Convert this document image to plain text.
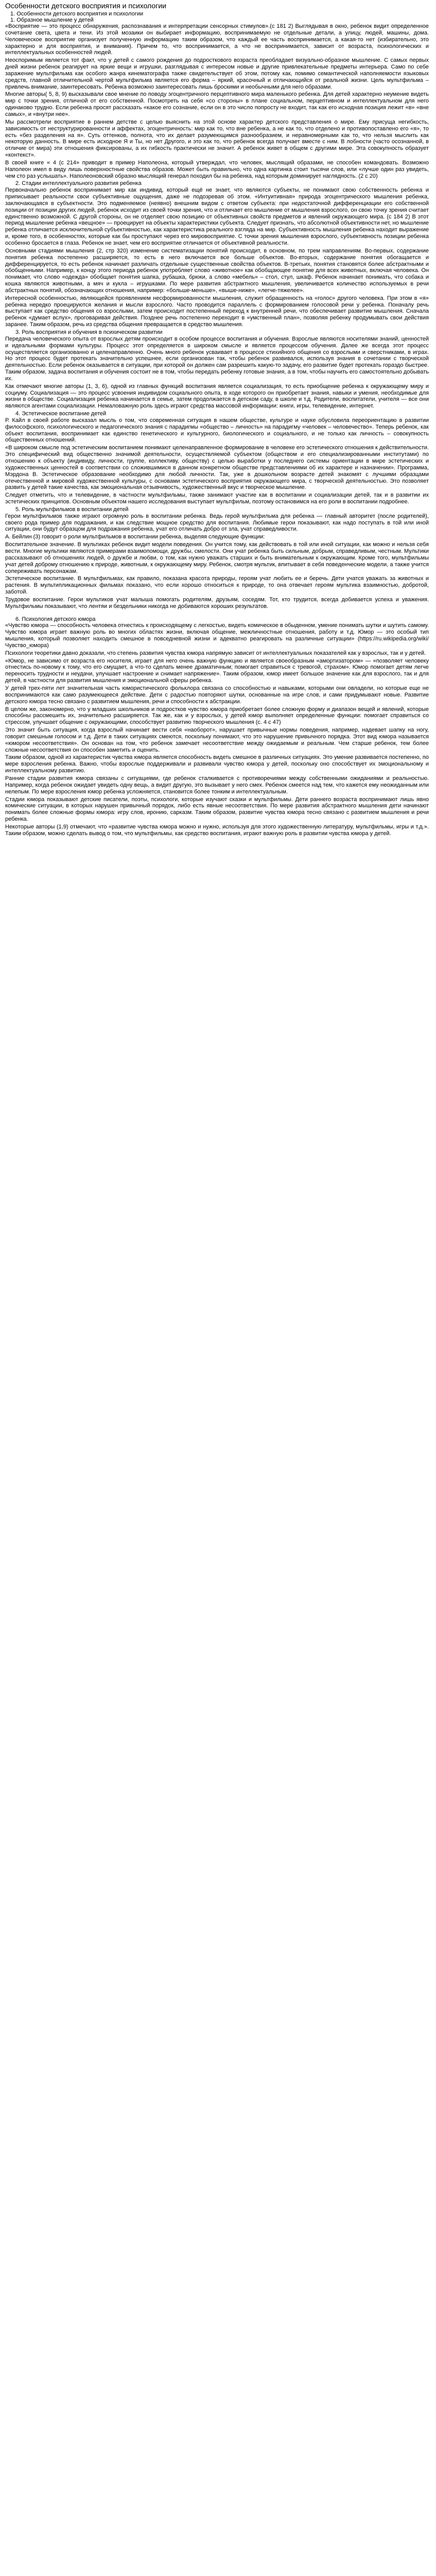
Особенности детского восприятия и психологии
1. Особенности детского восприятия и психологии
1. Образное мышление у детей

«Восприятие — это процесс обнаружения, распознавания и интерпретации сенсорных стимулов».(с 181 2) Выглядывая в окно, ребенок видит определенное сочетание света, цвета и тени. Из этой мозаики он выбирает информацию, воспринимаемую не отдельные детали, а улицу, людей, машины, дома. Человеческое восприятие организует полученную информацию таким образом, что каждый ее часть воспринимается, а какая-то нет (избирательно, это характерно и для восприятия, и внимания). Причем то, что воспринимается, а что не воспринимается, зависит от возраста, психологических и интеллектуальных особенностей людей.

Неоспоримым является тот факт, что у детей с самого рождения до подросткового возраста преобладает визуально-образное мышление. С самых первых дней жизни ребенок реагирует на яркие вещи и игрушки, разглядывая с интересом новые и другие привлекательные предметы интерьера. Само по себе заражение мультфильма как особого жанра кинематографа также свидетельствует об этом, потому как, помимо семантической наполняемости языковых средств, главной отличительной чертой мультфильма является его форма – яркий, красочный и отличающийся от реальной жизни. Цель мультфильма – привлечь внимание, заинтересовать. Ребенка возможно заинтересовать лишь броскими и необычными для него образами.

Многие авторы( 5, 8, 9) высказывали свое мнение по поводу эгоцентричного перцептивного мира маленького ребенка. Для детей характерно неумение видеть мир с точки зрения, отличной от его собственной. Посмотреть на себя «со стороны» в плане социальном, перцептивном и интеллектуальном для него одинаково трудно. Если ребенка просят рассказать «какое его сознание, если он в это число попросту не входит, так как его исходная позиция лежит «в» «вне самых», и «внутри нее».

Мы рассмотрели восприятие в раннем детстве с целью выяснить на этой основе характер детского представления о мире. Ему присуща негибкость, зависимость от неструктурированности и аффектах, эгоцентричность: мир как то, что вне ребенка, а не как то, что отделено и противопоставлено его «я», то есть «без разделения на я». Суть оттенков, полнота, что их делает разумеющимся разнообразием, и неравномерными как то, что нельзя мыслить как некоторую данность. В мире есть исходное Я и Ты, но нет Другого, и это как то, что ребенок всегда получает вместе с ним. В лобности (часто осознанной, в отличие от мира) эти отношения фиксированы, а их гибкость практически не значит. А ребенок живет в общем с другими мире. Эта совокупность образует «контекст».

В своей книге « 4 (с 214» приводит в пример Наполеона, который утверждал, что человек, мыслящий образами, не способен командовать. Возможно Наполеон имел в виду лишь поверхностные свойства образов. Может быть правильно, что одна картинка стоит тысячи слов, или «лучше один раз увидеть, чем сто раз услышать». Наполеоновский образно мыслящий генерал походил бы на ребенка, над которым доминирует наглядность. (2 с 20)

2. Стадии интеллектуального развития ребенка

Первоначально ребенок воспринимает мир как индивид, который ещё не знает, что являются субъекты, не понимают свою собственность ребенка и приписывает реальности свои субъективные ощущения, даже не подозревая об этом. «Интуитивная» природа эгоцентрического мышления ребенка, заключающаяся в субъектности. Это подменяемое (неявно) внешним видом с ответом субъекта: при недостаточной дифференциации его собственной позиции от позиции других людей, ребенок исходит из своей точки зрения, что и отличает его мышление от мышления взрослого, он свою точку зрения считает единственно возможной. С другой стороны, он не отделяет свою позицию от объективных свойств предметов и явлений окружающего мира. (с 184 2) В этот период мышление ребенка «вещное» — проецирует на объекты характеристики субъекта. Следует признать, что абсолютной объективности нет, но мышление ребенка отличается исключительной субъективностью, как характеристика реального взгляда на мир. Субъективность мышления ребенка находит выражение и, кроме того, в особенностях, которые как бы проступают через его мировосприятие. С точки зрения мышления взрослого, субъективность позиции ребенка особенно бросается в глаза. Ребенок не знает, чем его восприятие отличается от объективной реальности.

Основными стадиями мышления (2, стр 320) изменение систематизации понятий происходит, в основном, по трем направлениям. Во-первых, содержание понятия ребенка постепенно расширяется, то есть в него включается все больше объектов. Во-вторых, содержание понятия обогащается и дифференцируется, то есть ребенок начинает различать отдельные существенные свойства объектов. В-третьих, понятия становятся более абстрактными и обобщенными. Например, к концу этого периода ребенок употребляет слово «животное» как обобщающее понятие для всех животных, включая человека. Он понимает, что слово «одежда» обобщает понятия шапка, рубашка, брюки, а слово «мебель» – стол, стул, шкаф. Ребенок начинает понимать, что собака и кошка являются животными, а мяч и кукла – игрушками. По мере развития абстрактного мышления, увеличивается количество используемых в речи абстрактных понятий, обозначающих отношения, например: «больше-меньше», «выше-ниже», «легче-тяжелее».

Интересной особенностью, являющейся проявлением несформированности мышления, служит обращенность на «голос» другого человека. При этом в «я» ребенка нередко проецируются желания и мысли взрослого. Часто проводится параллель с формированием голосовой речи у ребенка. Поначалу речь выступает как средство общения со взрослыми, затем происходит постепенный переход к внутренней речи, что обеспечивает развитие мышления. Сначала ребенок «думает вслух», проговаривая действия. Позднее речь постепенно переходит в «умственный план», позволяя ребенку продумывать свои действия заранее. Таким образом, речь из средства общения превращается в средство мышления.

3. Роль восприятия и обучения в психическом развитии

Передача человеческого опыта от взрослых детям происходит в особом процессе воспитания и обучения. Взрослые являются носителями знаний, ценностей и идеальными формами культуры. Процесс этот определяется в широком смысле и является процессом обучения. Далее же всегда этот процесс осуществляется организованно и целенаправленно. Очень много ребенок усваивает в процессе стихийного общения со взрослыми и сверстниками, в играх. Но этот процесс будет протекать значительно успешнее, если организован так, чтобы ребенок развивался, используя знания в сочетании с творческой деятельностью. Если ребенок оказывается в ситуации, при которой он должен сам разрешить какую-то задачу, его развитие будет протекать гораздо быстрее. Таким образом, задача воспитания и обучения состоит не в том, чтобы передать ребенку готовые знания, а в том, чтобы научить его самостоятельно добывать их.

Как отмечают многие авторы (1, 3, 6), одной из главных функций воспитания является социализация, то есть приобщение ребенка к окружающему миру и социуму. Социализация — это процесс усвоения индивидом социального опыта, в ходе которого он приобретает знания, навыки и умения, необходимые для жизни в обществе. Социализация ребенка начинается в семье, затем продолжается в детском саду, в школе и т.д. Родители, воспитатели, учителя — все они являются агентами социализации. Немаловажную роль здесь играют средства массовой информации: книги, игры, телевидение, интернет.

4. Эстетическое воспитание детей

Р. Кайл в своей работе высказал мысль о том, что современная ситуация в нашем обществе, культуре и науке обусловила переориентацию в развитии философского, психологического и педагогического знания с парадигмы «общество – личность» на парадигму «человек – человечество». Теперь ребенок, как объект воспитания, воспринимает как единство генетического и культурного, биологического и социального, и не только как личность – совокупность общественных отношений.

«В широком смысле под эстетическим воспитанием понимают целенаправленное формирование в человеке его эстетического отношения к действительности. Это специфический вид общественно значимой деятельности, осуществляемой субъектом (обществом и его специализированными институтами) по отношению к объекту (индивиду, личности, группе, коллективу, обществу) с целью выработки у последнего системы ориентации в мире эстетических и художественных ценностей в соответствии со сложившимися в данном конкретном обществе представлениями об их характере и назначении». Программа, Мэрдона В. Эстетическое образование необходимо для любой личности. Так, уже в дошкольном возрасте детей знакомят с лучшими образцами отечественной и мировой художественной культуры, с основами эстетического восприятия окружающего мира, с творческой деятельностью. Это позволяет развить у детей такие качества, как эмоциональная отзывчивость, художественный вкус и творческое мышление.

Следует отметить, что и телевидение, в частности мультфильмы, также занимают участие как в воспитании и социализации детей, так и в развитии их эстетических принципов. Основным объектом нашего исследования выступает мультфильм, поэтому остановимся на его роли в воспитании подробнее.

5. Роль мультфильмов в воспитании детей

Герои мультфильмов также играют огромную роль в воспитании ребенка. Ведь герой мультфильма для ребенка — главный авторитет (после родителей), своего рода пример для подражания, и как следствие мощное средство для воспитания. Любимые герои показывают, как надо поступать в той или иной ситуации, они будут образцом для подражания ребенка, учат его отличать добро от зла, учат справедливости.

А. Бейлин (3) говорит о роли мультфильмов в воспитании ребенка, выделяя следующие функции:

Воспитательное значение. В мультиках ребенок видит модели поведения. Он учится тому, как действовать в той или иной ситуации, как можно и нельзя себя вести. Многие мультики являются примерами взаимопомощи, дружбы, смелости. Они учат ребенка быть сильным, добрым, справедливым, честным. Мультики рассказывают об отношениях людей, о дружбе и любви, о том, как нужно уважать старших и быть внимательным к окружающим. Кроме того, мультфильмы учат детей доброму отношению к природе, животным, к окружающему миру. Ребенок, смотря мультик, впитывает в себя поведенческие модели, а также учится сопереживать персонажам.

Эстетическое воспитание. В мультфильмах, как правило, показана красота природы, героям учат любить ее и беречь. Дети учатся уважать за животных и растения. В мультипликационных фильмах показано, что если хорошо относиться к природе, то она отвечает героям мультика взаимностью, добротой, заботой.

Трудовое воспитание. Герои мультиков учат малыша помогать родителям, друзьям, соседям. Тот, кто трудится, всегда добивается успеха и уважения. Мультфильмы показывают, что лентяи и бездельники никогда не добиваются хороших результатов.

6. Психология детского юмора

«Чувство юмора — способность человека отнестись к происходящему с легкостью, видеть комическое в обыденном, умение понимать шутки и шутить самому. Чувство юмора играет важную роль во многих областях жизни, включая общение, межличностные отношения, работу и т.д. Юмор — это особый тип мышления, который позволяет находить смешное в повседневной жизни и адекватно реагировать на различные ситуации» (https://ru.wikipedia.org/wiki/Чувство_юмора)

Психологи теоретики давно доказали, что степень развития чувства юмора напрямую зависит от интеллектуальных показателей как у взрослых, так и у детей.

«Юмор, не зависимо от возраста его носителя, играет для него очень важную функцию и является своеобразным «амортизатором» — «позволяет человеку отнестись по-новому к тому, что его смущает, а что-то сделать менее драматичным; помогает справиться с тревогой, страхом». Юмор помогает детям легче переносить трудности и неудачи, улучшает настроение и снимает напряжение». Таким образом, юмор имеет большое значение как для взрослого, так и для детей, в частности для развития мышления и эмоциональной сферы ребенка.

У детей трех-пяти лет значительная часть юмористического фольклора связана со способностью и навыками, которыми они овладели, но которые еще не воспринимаются как само разумеющееся действие. Дети с радостью повторяют шутки, основанные на игре слов, и сами придумывают новые. Развитие детского юмора тесно связано с развитием мышления, речи и способности к абстракции.

В целом же, закономерно, что у младших школьников и подростков чувство юмора приобретает более сложную форму и диапазон вещей и явлений, которые способны рассмешить их, значительно расширяется. Так же, как и у взрослых, у детей юмор выполняет определенные функции: помогает справиться со стрессом, улучшает общение с окружающими, способствует развитию творческого мышления (с. 4 с 47)

Это значит быть ситуация, когда взрослый начинает вести себя «наоборот», нарушает привычные нормы поведения, например, надевает шапку на ногу, говорит смешным голосом и т.д. Дети в таких ситуациях смеются, поскольку понимают, что это нарушение привычного порядка. Этот вид юмора называется «юмором несоответствия». Он основан на том, что ребенок замечает несоответствие между ожидаемым и реальным. Чем старше ребенок, тем более сложные несоответствия он способен заметить и оценить.

Таким образом, одной из характеристик чувства юмора является способность видеть смешное в различных ситуациях. Это умение развивается постепенно, по мере взросления ребенка. Важно, чтобы взрослые поддерживали и развивали чувство юмора у детей, поскольку оно способствует их эмоциональному и интеллектуальному развитию.

Ранние стадии развития юмора связаны с ситуациями, где ребенок сталкивается с противоречиями между собственными ожиданиями и реальностью. Например, когда ребенок ожидает увидеть одну вещь, а видит другую, это вызывает у него смех. Ребенок смеется над тем, что кажется ему неожиданным или нелепым. По мере взросления юмор ребенка усложняется, становится более тонким и интеллектуальным.

Стадии юмора показывают детские писатели, поэты, психологи, которые изучают сказки и мультфильмы. Дети раннего возраста воспринимают лишь явно комические ситуации, в которых нарушен привычный порядок, либо есть явные несоответствия. По мере развития абстрактного мышления дети начинают понимать более сложные формы юмора: игру слов, иронию, сарказм. Таким образом, развитие чувства юмора тесно связано с развитием мышления и речи ребенка.

Некоторые авторы (1,9) отмечают, что «развитие чувства юмора можно и нужно, используя для этого художественную литературу, мультфильмы, игры и т.д.». Таким образом, можно сделать вывод о том, что мультфильмы, как средство воспитания, играют важную роль в развитии чувства юмора у детей.
